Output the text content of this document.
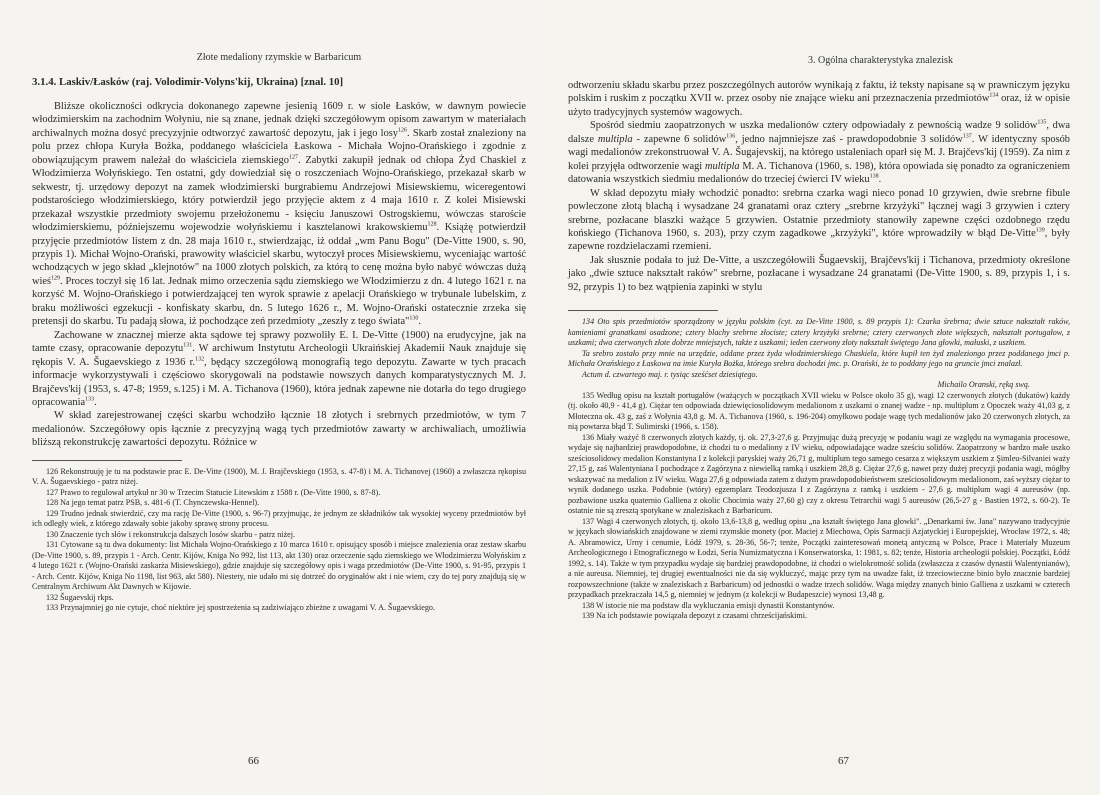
Złote medaliony rzymskie w Barbaricum
3.1.4. Laskiv/Łasków (raj. Volodimir-Volyns'kij, Ukraina) [znal. 10]

Bliższe okoliczności odkrycia dokonanego zapewne jesienią 1609 r. w siole Łasków, w dawnym powiecie włodzimierskim na zachodnim Wołyniu, nie są znane, jednak dzięki szczegółowym opisom zawartym w materiałach archiwalnych można dosyć precyzyjnie odtworzyć zawartość depozytu, jak i jego losy$^{126}$. Skarb został znaleziony na polu przez chłopa Kuryła Bożka, poddanego właściciela Łaskowa - Michała Wojno-Orańskiego i zgodnie z obowiązującym prawem należał do właściciela ziemskiego$^{127}$. Zabytki zakupił jednak od chłopa Żyd Chaskiel z Włodzimierza Wołyńskiego. Ten ostatni, gdy dowiedział się o roszczeniach Wojno-Orańskiego, przekazał skarb w sekwestr, tj. urzędowy depozyt na zamek włodzimierski burgrabiemu Andrzejowi Misiewskiemu, wiceregentowi podstarościego włodzimierskiego, który potwierdził jego przyjęcie aktem z 4 maja 1610 r. Z kolei Misiewski przekazał wszystkie przedmioty swojemu przełożonemu - księciu Januszowi Ostrogskiemu, wówczas staroście włodzimierskiemu, późniejszemu wojewodzie wołyńskiemu i kasztelanowi krakowskiemu$^{128}$. Książę potwierdził przyjęcie przedmiotów listem z dn. 28 maja 1610 r., stwierdzając, iż oddał „wm Panu Bogu" (De-Vitte 1900, s. 90, przypis 1). Michał Wojno-Orański, prawowity właściciel skarbu, wytoczył proces Misiewskiemu, wyceniając wartość wchodzących w jego skład „klejnotów" na 1000 złotych polskich, za którą to cenę można było nabyć wówczas dużą wieś$^{129}$. Proces toczył się 16 lat. Jednak mimo orzeczenia sądu ziemskiego we Włodzimierzu z dn. 4 lutego 1621 r. na korzyść M. Wojno-Orańskiego i potwierdzającej ten wyrok sprawie z apelacji Orańskiego w trybunale lubelskim, z braku możliwości egzekucji - konfiskaty skarbu, dn. 5 lutego 1626 r., M. Wojno-Orański ostatecznie zrzeka się pretensji do skarbu. Tu padają słowa, iż pochodzące zeń przedmioty „zeszły z tego świata"$^{130}$.

Zachowane w znacznej mierze akta sądowe tej sprawy pozwoliły E. I. De-Vitte (1900) na erudycyjne, jak na tamte czasy, opracowanie depozytu$^{131}$. W archiwum Instytutu Archeologii Ukraińskiej Akademii Nauk znajduje się rękopis V. A. Šugaevskiego z 1936 r.$^{132}$, będący szczegółową monografią tego depozytu. Zawarte w tych pracach informacje wykorzystywali i częściowo skorygowali na podstawie nowszych danych komparatystycznych M. J. Brajčevs'kij (1953, s. 47-8; 1959, s.125) i M. A. Tichanova (1960), która jednak zapewne nie dotarła do tego drugiego opracowania$^{133}$.

W skład zarejestrowanej części skarbu wchodziło łącznie 18 złotych i srebrnych przedmiotów, w tym 7 medalionów. Szczegółowy opis łącznie z precyzyjną wagą tych przedmiotów zawarty w archiwaliach, umożliwia bliższą rekonstrukcję zawartości depozytu. Różnice w

126 Rekonstruuję je tu na podstawie prac E. De-Vitte (1900), M. J. Brajčevskiego (1953, s. 47-8) i M. A. Tichanovej (1960) a zwłaszcza rękopisu V. A. Šugaevskiego - patrz niżej.

127 Prawo to regulował artykuł nr 30 w Trzecim Statucie Litewskim z 1588 r. (De-Vitte 1900, s. 87-8).

128 Na jego temat patrz PSB, s. 481-6 (T. Chynczewska-Hennel).

129 Trudno jednak stwierdzić, czy ma rację De-Vitte (1900, s. 96-7) przyjmując, że jednym ze składników tak wysokiej wyceny przedmiotów był ich odległy wiek, z którego zdawały sobie jakoby sprawę strony procesu.

130 Znaczenie tych słów i rekonstrukcja dalszych losów skarbu - patrz niżej.

131 Cytowane są tu dwa dokumenty: list Michała Wojno-Orańskiego z 10 marca 1610 r. opisujący sposób i miejsce znalezienia oraz zestaw skarbu (De-Vitte 1900, s. 89, przypis 1 - Arch. Centr. Kijów, Kniga No 992, list 113, akt 130) oraz orzeczenie sądu ziemskiego we Włodzimierzu Wołyńskim z 4 lutego 1621 r. (Wojno-Orański zaskarża Misiewskiego), gdzie znajduje się szczegółowy opis i waga przedmiotów (De-Vitte 1900, s. 91-95, przypis 1 - Arch. Centr. Kijów, Kniga No 1198, list 963, akt 580). Niestety, nie udało mi się dotrzeć do oryginałów akt i nie wiem, czy do tej pory znajdują się w Centralnym Archiwum Akt Dawnych w Kijowie.

132 Šugaevskij rkps.

133 Przynajmniej go nie cytuje, choć niektóre jej spostrzeżenia są zadziwiająco zbieżne z uwagami V. A. Šugaevskiego.

66
3. Ogólna charakterystyka znalezisk

odtworzeniu składu skarbu przez poszczególnych autorów wynikają z faktu, iż teksty napisane są w prawniczym języku polskim i ruskim z początku XVII w. przez osoby nie znające wieku ani przeznaczenia przedmiotów$^{134}$ oraz, iż w opisie użyto tradycyjnych systemów wagowych.

Spośród siedmiu zaopatrzonych w uszka medalionów cztery odpowiadały z pewnością wadze 9 solidów$^{135}$, dwa dalsze multipla - zapewne 6 solidów$^{136}$, jedno najmniejsze zaś - prawdopodobnie 3 solidów$^{137}$. W identyczny sposób wagi medalionów zrekonstruował V. A. Šugajevskij, na którego ustaleniach oparł się M. J. Brajčevs'kij (1959). Za nim z kolei przyjęła odtworzenie wagi multipla M. A. Tichanova (1960, s. 198), która opowiada się ponadto za ograniczeniem datowania wszystkich siedmiu medalionów do trzeciej ćwierci IV wieku$^{138}$.

W skład depozytu miały wchodzić ponadto: srebrna czarka wagi nieco ponad 10 grzywien, dwie srebrne fibule powleczone złotą blachą i wysadzane 24 granatami oraz cztery „srebrne krzyżyki" łącznej wagi 3 grzywien i cztery srebrne, pozłacane blaszki ważące 5 grzywien. Ostatnie przedmioty stanowiły zapewne części ozdobnego rzędu końskiego (Tichanova 1960, s. 203), przy czym zagadkowe „krzyżyki", które wprowadziły w błąd De-Vitte$^{139}$, były zapewne rozdzielaczami rzemieni.

Jak słusznie podała to już De-Vitte, a uszczegółowili Šugaevskij, Brajčevs'kij i Tichanova, przedmioty określone jako „dwie sztuce nakształt raków" srebrne, pozłacane i wysadzane 24 granatami (De-Vitte 1900, s. 89, przypis 1, i s. 92, przypis 1) to bez wątpienia zapinki w stylu

134 Oto spis przedmiotów sporządzony w języku polskim (cyt. za De-Vitte 1900, s. 89 przypis 1): Czarka śrebrna; dwie sztuce nakształt raków, kamieniami granatkami osadzone; cztery blachy srebrne złociste; cztery krzyżyki srebrne; cztery czerwonych złote większych, nakształt portugałow, z uszkami; dwa czerwonych złote dobrze mniejszych, także z uszkami; ieden czerwony złoty nakształt świętego Jana głowki, małuski, z uszkiem.

Ta srebro zostało przy mnie na urzędzie, oddane przez żyda włodzimierskiego Chaskiela, które kupił ten żyd znaleziongo przez poddanego jmci p. Michała Orańskiego z Łaskowa na imie Kuryła Bożka, którego srebra dochodzi jmc. p. Orański, że to poddany jego na gruncie jmci znalazł.

Actum d. czwartego maj. r. tysiąc sześćset dziesiątego.

Michailo Oranski, ręką swą.

135 Według opisu na kształt portugałów (ważących w początkach XVII wieku w Polsce około 35 g), wagi 12 czerwonych złotych (dukatów) każdy (tj. około 40,9 - 41,4 g). Ciężar ten odpowiada dziewięciosolidowym medalionom z uszkami o znanej wadze - np. multiplum z Opoczek waży 41,03 g, z Młoteczna ok. 43 g, zaś z Wołynia 43,8 g. M. A. Tichanova (1960, s. 196-204) omyłkowo podaje wagę tych medalionów jako 20 czerwonych złotych, za nią powtarza błąd T. Sulimirski (1966, s. 158).

136 Miały ważyć 8 czerwonych złotych każdy, tj. ok. 27,3-27,6 g. Przyjmując dużą precyzję w podaniu wagi ze względu na wymagania procesowe, wydaje się najbardziej prawdopodobne, iż chodzi tu o medaliony z IV wieku, odpowiadające wadze sześciu solidów. Zaopatrzony w bardzo małe uszko sześciosolidowy medalion Konstantyna I z kolekcji paryskiej waży 26,71 g, multiplum tego samego cesarza z większym uszkiem z Şimleu-Silvaniei waży 27,15 g, zaś Walentyniana I pochodzące z Zagórzyna z niewielką ramką i uszkiem 28,8 g. Ciężar 27,6 g, nawet przy dużej precyzji podania wagi, mógłby wskazywać na medalion z IV wieku. Waga 27,6 g odpowiada zatem z dużym prawdopodobieństwem sześciosolidowym medalionom, zaś wyższy ciężar to wynik dodanego uszka. Podobnie (wtóry) egzemplarz Teodozjusza I z Zagórzyna z ramką i uszkiem - 27,6 g. multiplum wagi 4 aureusów (np. pozbawione uszka quaternio Galliena z okolic Chocimia waży 27,60 g) czy z okresu Tetrarchii wagi 5 aureusów (26,5-27 g - Bastien 1972, s. 60-2). Te ostatnie nie są zresztą spotykane w znaleziskach z Barbaricum.

137 Wagi 4 czerwonych złotych, tj. około 13,6-13,8 g, według opisu „na kształt świętego Jana głowki". „Denarkami św. Jana" nazywano tradycyjnie w językach słowiańskich znajdowane w ziemi rzymskie monety (por. Maciej z Miechowa, Opis Sarmacji Azjatyckiej i Europejskiej, Wrocław 1972, s. 48; A. Abramowicz, Urny i cenumie, Łódź 1979, s. 28-36, 56-7; tenże, Początki zainteresowań monetą antyczną w Polsce, Prace i Materiały Muzeum Archeologicznego i Etnograficznego w Łodzi, Seria Numizmatyczna i Konserwatorska, 1: 1981, s. 82; tenże, Historia archeologii polskiej. Początki, Łódź 1992, s. 14). Także w tym przypadku wydaje się bardziej prawdopodobne, iż chodzi o wielokrotność solida (zwłaszcza z czasów dynastii Walentynianów), a nie aureusa. Niemniej, tej drugiej ewentualności nie da się wykluczyć, mając przy tym na uwadze fakt, iż trzeciowieczne binio było znacznie bardziej rozpowszechnione (także w znaleziskach z Barbaricum) od jednostki o wadze trzech solidów. Waga między znanych binio Galliena z uszkami w czterech przypadkach przekraczała 14,5 g, niemniej w jednym (z kolekcji w Budapeszcie) wynosi 13,48 g.

138 W istocie nie ma podstaw dla wykluczania emisji dynastii Konstantynów.

139 Na ich podstawie powiązała depozyt z czasami chrześcijańskimi.

67
